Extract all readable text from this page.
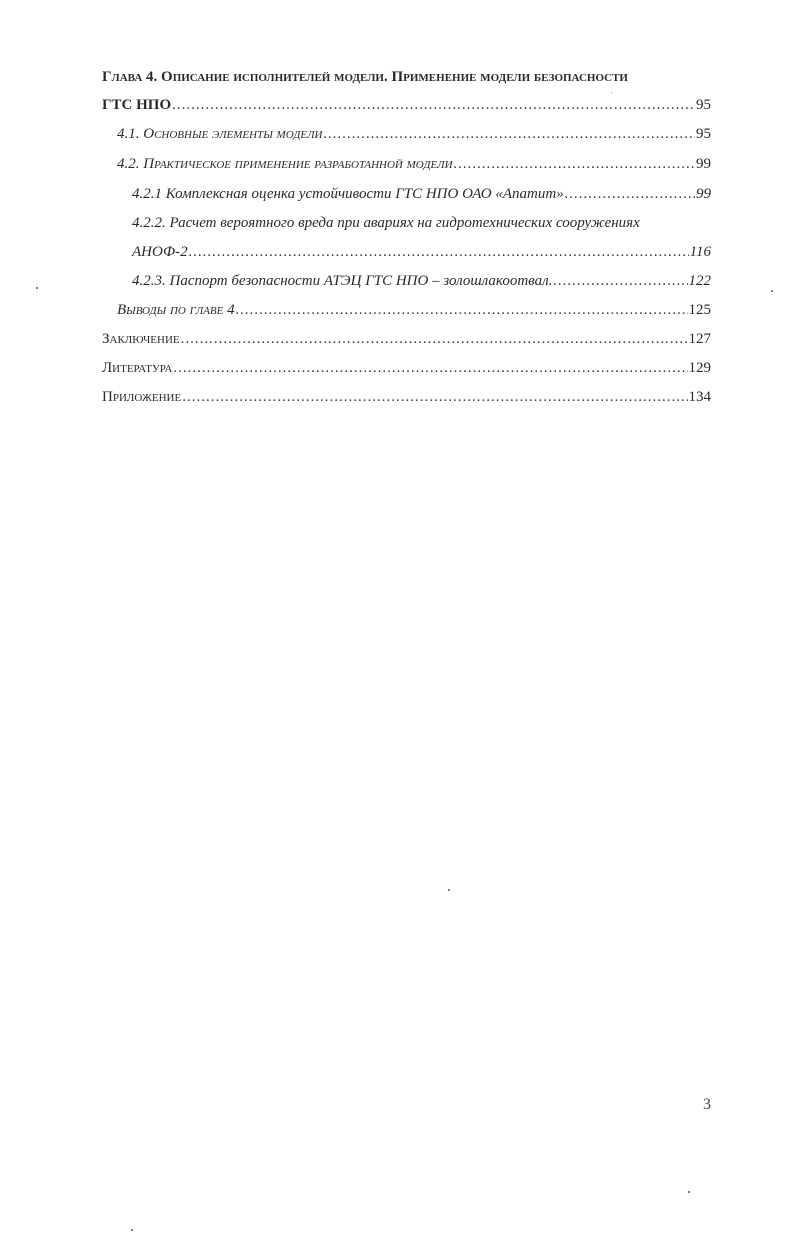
Глава 4. Описание исполнителей модели. Применение модели безопасности
ГТС НПО .....	95
4.1. Основные элементы модели .....	95
4.2. Практическое применение разработанной модели .....	99
4.2.1 Комплексная оценка устойчивости ГТС НПО ОАО «Апатит» .....	99
4.2.2. Расчет вероятного вреда при авариях на гидротехнических сооружениях
АНОФ-2 .....	116
4.2.3. Паспорт безопасности АТЭЦ ГТС НПО – золошлакоотвал. .....	122
Выводы по главе 4 .....	125
Заключение .....	127
Литература .....	129
Приложение .....	134
3
